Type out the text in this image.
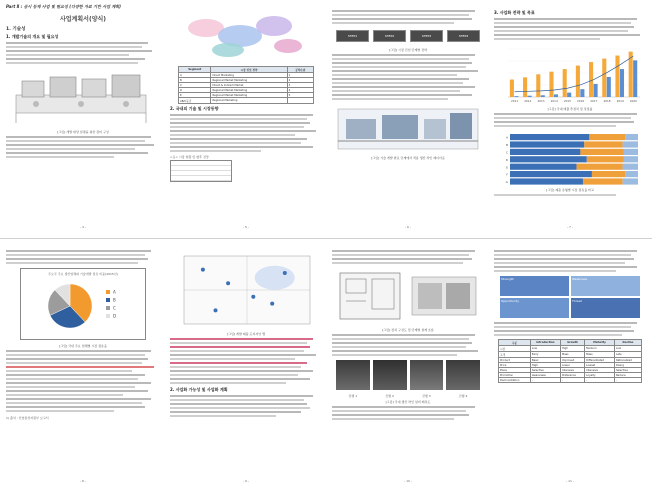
Part Ⅱ : 공시 등재 사업 및 필요성 (다양한 자료 기반 사업 계획)
사업계획서(양식)
1. 기술성
1. 개발기술의 개요 및 필요성
[그림] 개발 대상 설명을 위한 장비 구성
- 4 -
Segment	시장 진입 전략	공략순위
A	Direct Marketing	1
B	Regional Market Marketing	2
C	Direct & Indirect Market	3
D	Regional Market Marketing	4
E	Regional Market Marketing	5
AB/C등급	Regional Marketing	
2. 국내외 기술 및 시장동향
<표> 시장 현황 및 향후 전망
- 5 -
STEP1	STEP2	STEP3	STEP4
[그림] 시장 진입 단계별 전략
[그림] 기술 개발 완료 단계에서 적용 생산 라인 레이아웃
- 6 -
3. 사업화 전략 및 목표
2011 2012 2013 2014 2015 2016 2017 2018 2019 2020
[그림] 국내 매출 추정치 및 성장률
A
B
C
D
E
F
G
[그림] 제품 유형별 시장 점유율 비교
- 7 -
주요국 주요 생산업체의 기술개발 점유 비중(2015년)
A
B
C
D
[그림] 국내 주요 업체별 시장 점유율
1) 출처 : 산업통상자원부 보고서
- 8 -
[그림] 개발 제품 포지셔닝 맵
2. 사업화 가능성 및 사업화 계획
- 9 -
[그림] 장치 구성도 및 단계별 설계 흐름
진행 1	진행 2	진행 3	진행 4
[그림] 국내 생산 라인 설비 배치도
- 10 -
Strength	Weakness
Opportunity	Threat
구분	Introduction	Growth	Maturity	Decline
시장	Low	High	Medium	Low
고객	Early	Mass	Mass	Late
Product	Basic	Improved	Differentiated	Rationalized
Price	High	Lower	Lowest	Rising
Place	Selective	Intensive	Intensive	Selective
Promotion	Awareness	Preference	Loyalty	Reduce
Demonstration	-	-	-	-
- 11 -
